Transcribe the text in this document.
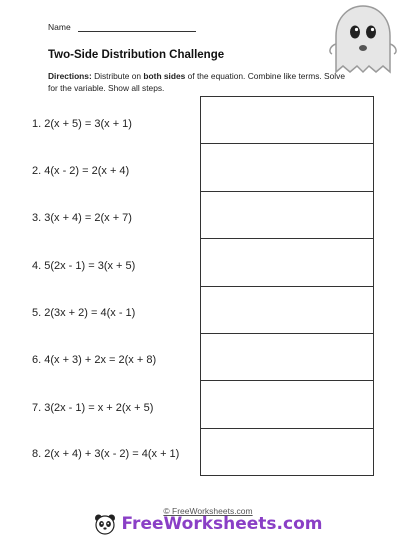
Name
Two-Side Distribution Challenge
Directions: Distribute on both sides of the equation. Combine like terms. Solve for the variable. Show all steps.
1. 2(x + 5) = 3(x + 1)
2. 4(x - 2) = 2(x + 4)
3. 3(x + 4) = 2(x + 7)
4. 5(2x - 1) = 3(x + 5)
5. 2(3x + 2) = 4(x - 1)
6. 4(x + 3) + 2x = 2(x + 8)
7. 3(2x - 1) = x + 2(x + 5)
8. 2(x + 4) + 3(x - 2) = 4(x + 1)
© FreeWorksheets.com
FreeWorksheets.com
